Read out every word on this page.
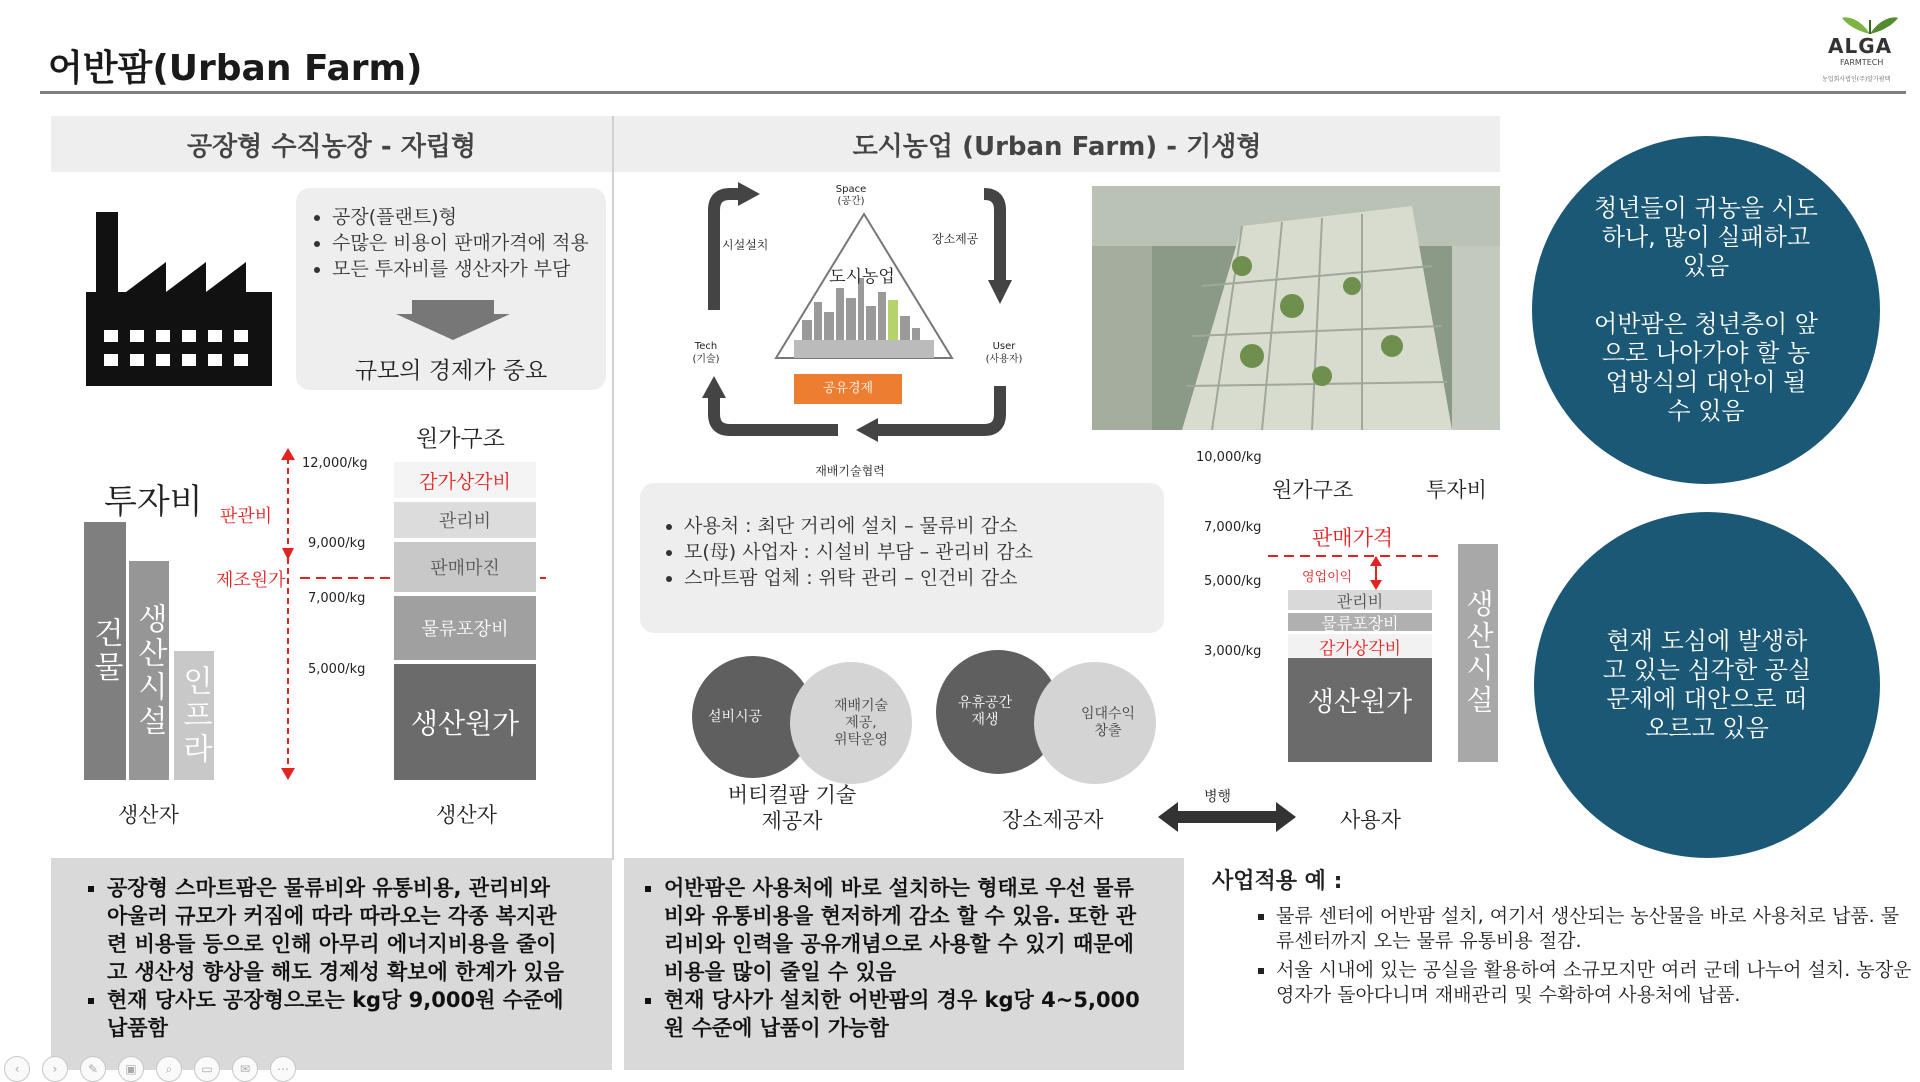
어반팜(Urban Farm)
ALGA
FARMTECH
농업회사법인(주)알가팜텍
공장형 수직농장 - 자립형	도시농업 (Urban Farm) - 기생형
• 공장(플랜트)형
• 수많은 비용이 판매가격에 적용
• 모든 투자비를 생산자가 부담
규모의 경제가 중요
투자비
건물 생산시설 인프라
생산자
원가구조
12,000/kg
9,000/kg
7,000/kg
5,000/kg
판관비
제조원가
감가상각비
관리비
판매마진
물류포장비
생산원가
생산자
도시농업
Space
(공간)
시설설치	장소제공
User
(사용자)
Tech
(기술)
공유경제
재배기술협력
• 사용처 : 최단 거리에 설치 – 물류비 감소
• 모(母) 사업자 : 시설비 부담 – 관리비 감소
• 스마트팜 업체 : 위탁 관리 – 인건비 감소
설비시공
재배기술
제공,
위탁운영
버티컬팜 기술
제공자
유휴공간
재생	임대수익
창출
장소제공자
병행
사용자
원가구조	투자비
10,000/kg
7,000/kg
5,000/kg
3,000/kg
판매가격
영업이익
관리비
물류포장비
감가상각비
생산원가 생산시설
청년들이 귀농을 시도하나, 많이 실패하고 있음

어반팜은 청년층이 앞으로 나아가야 할 농업방식의 대안이 될 수 있음
현재 도심에 발생하고 있는 심각한 공실문제에 대안으로 떠오르고 있음
▪ 공장형 스마트팜은 물류비와 유통비용, 관리비와 아울러 규모가 커짐에 따라 따라오는 각종 복지관련 비용들 등으로 인해 아무리 에너지비용을 줄이고 생산성 향상을 해도 경제성 확보에 한계가 있음
▪ 현재 당사도 공장형으로는 kg당 9,000원 수준에 납품함
▪ 어반팜은 사용처에 바로 설치하는 형태로 우선 물류비와 유통비용을 현저하게 감소 할 수 있음. 또한 관리비와 인력을 공유개념으로 사용할 수 있기 때문에 비용을 많이 줄일 수 있음
▪ 현재 당사가 설치한 어반팜의 경우 kg당 4~5,000원 수준에 납품이 가능함
사업적용 예 :
▪ 물류 센터에 어반팜 설치, 여기서 생산되는 농산물을 바로 사용처로 납품. 물류센터까지 오는 물류 유통비용 절감.
▪ 서울 시내에 있는 공실을 활용하여 소규모지만 여러 군데 나누어 설치. 농장운영자가 돌아다니며 재배관리 및 수확하여 사용처에 납품.
‹	›	✎	▣	⌕	▭	✉	⋯
